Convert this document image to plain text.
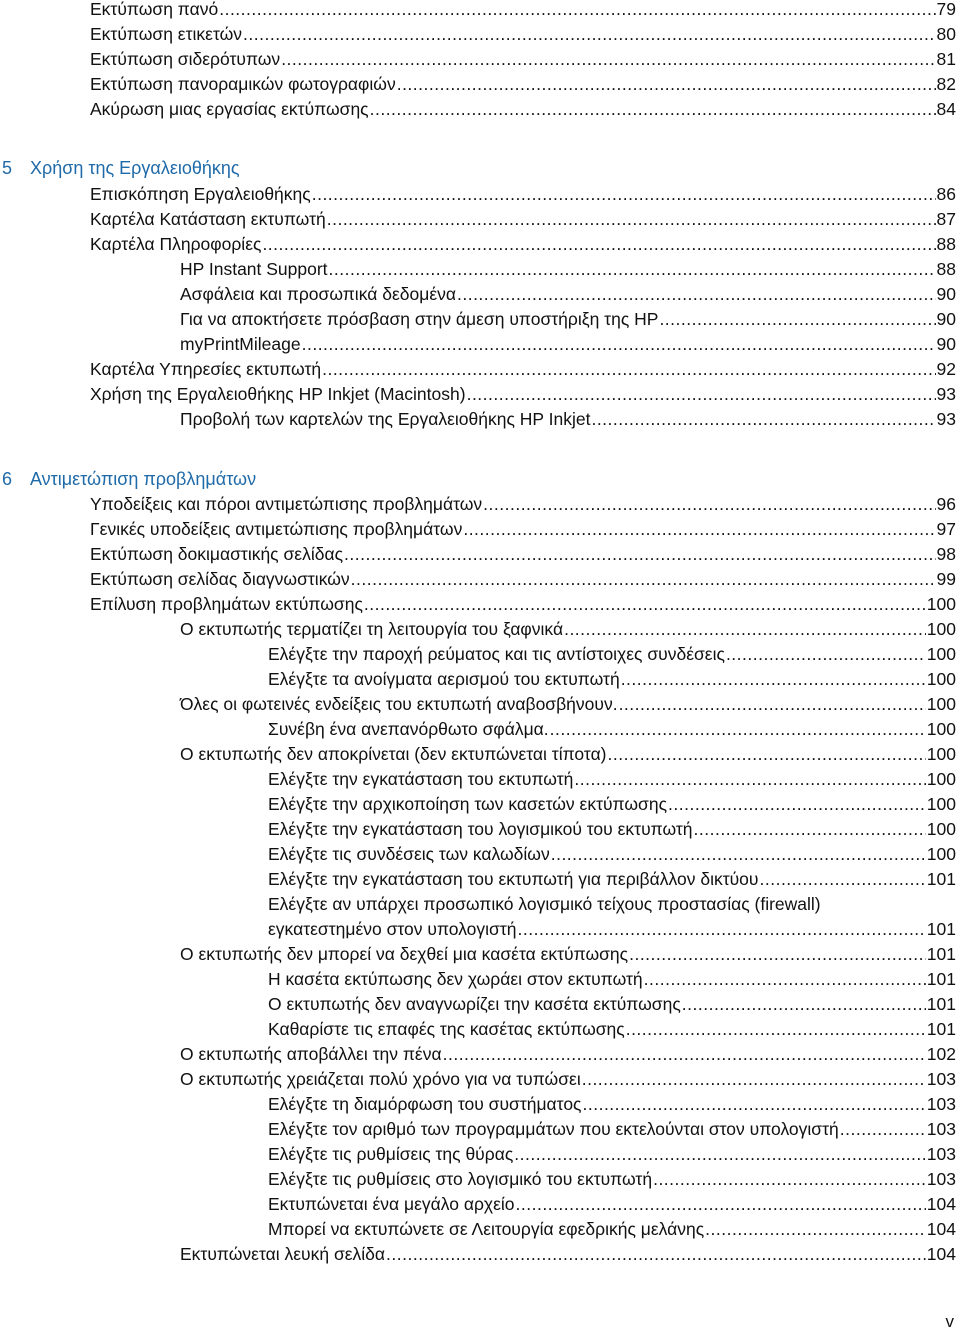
Εκτύπωση πανό .....	79
Εκτύπωση ετικετών .....	80
Εκτύπωση σιδερότυπων .....	81
Εκτύπωση πανοραμικών φωτογραφιών .....	82
Ακύρωση μιας εργασίας εκτύπωσης .....	84
5 Χρήση της Εργαλειοθήκης
Επισκόπηση Εργαλειοθήκης .....	86
Καρτέλα Κατάσταση εκτυπωτή .....	87
Καρτέλα Πληροφορίες .....	88
HP Instant Support .....	88
Ασφάλεια και προσωπικά δεδομένα .....	90
Για να αποκτήσετε πρόσβαση στην άμεση υποστήριξη της HP .....	90
myPrintMileage .....	90
Καρτέλα Υπηρεσίες εκτυπωτή .....	92
Χρήση της Εργαλειοθήκης HP Inkjet (Macintosh) .....	93
Προβολή των καρτελών της Εργαλειοθήκης HP Inkjet .....	93
6 Αντιμετώπιση προβλημάτων
Υποδείξεις και πόροι αντιμετώπισης προβλημάτων .....	96
Γενικές υποδείξεις αντιμετώπισης προβλημάτων .....	97
Εκτύπωση δοκιμαστικής σελίδας .....	98
Εκτύπωση σελίδας διαγνωστικών .....	99
Επίλυση προβλημάτων εκτύπωσης .....	100
Ο εκτυπωτής τερματίζει τη λειτουργία του ξαφνικά .....	100
Ελέγξτε την παροχή ρεύματος και τις αντίστοιχες συνδέσεις .....	100
Ελέγξτε τα ανοίγματα αερισμού του εκτυπωτή .....	100
Όλες οι φωτεινές ενδείξεις του εκτυπωτή αναβοσβήνουν. .....	100
Συνέβη ένα ανεπανόρθωτο σφάλμα. .....	100
Ο εκτυπωτής δεν αποκρίνεται (δεν εκτυπώνεται τίποτα) .....	100
Ελέγξτε την εγκατάσταση του εκτυπωτή .....	100
Ελέγξτε την αρχικοποίηση των κασετών εκτύπωσης .....	100
Ελέγξτε την εγκατάσταση του λογισμικού του εκτυπωτή .....	100
Ελέγξτε τις συνδέσεις των καλωδίων .....	100
Ελέγξτε την εγκατάσταση του εκτυπωτή για περιβάλλον δικτύου .....	101
Ελέγξτε αν υπάρχει προσωπικό λογισμικό τείχους προστασίας (firewall)
εγκατεστημένο στον υπολογιστή .....	101
Ο εκτυπωτής δεν μπορεί να δεχθεί μια κασέτα εκτύπωσης .....	101
Η κασέτα εκτύπωσης δεν χωράει στον εκτυπωτή .....	101
Ο εκτυπωτής δεν αναγνωρίζει την κασέτα εκτύπωσης .....	101
Καθαρίστε τις επαφές της κασέτας εκτύπωσης .....	101
Ο εκτυπωτής αποβάλλει την πένα .....	102
Ο εκτυπωτής χρειάζεται πολύ χρόνο για να τυπώσει .....	103
Ελέγξτε τη διαμόρφωση του συστήματος .....	103
Ελέγξτε τον αριθμό των προγραμμάτων που εκτελούνται στον υπολογιστή .....	103
Ελέγξτε τις ρυθμίσεις της θύρας .....	103
Ελέγξτε τις ρυθμίσεις στο λογισμικό του εκτυπωτή .....	103
Εκτυπώνεται ένα μεγάλο αρχείο .....	104
Μπορεί να εκτυπώνετε σε Λειτουργία εφεδρικής μελάνης .....	104
Εκτυπώνεται λευκή σελίδα .....	104
v
